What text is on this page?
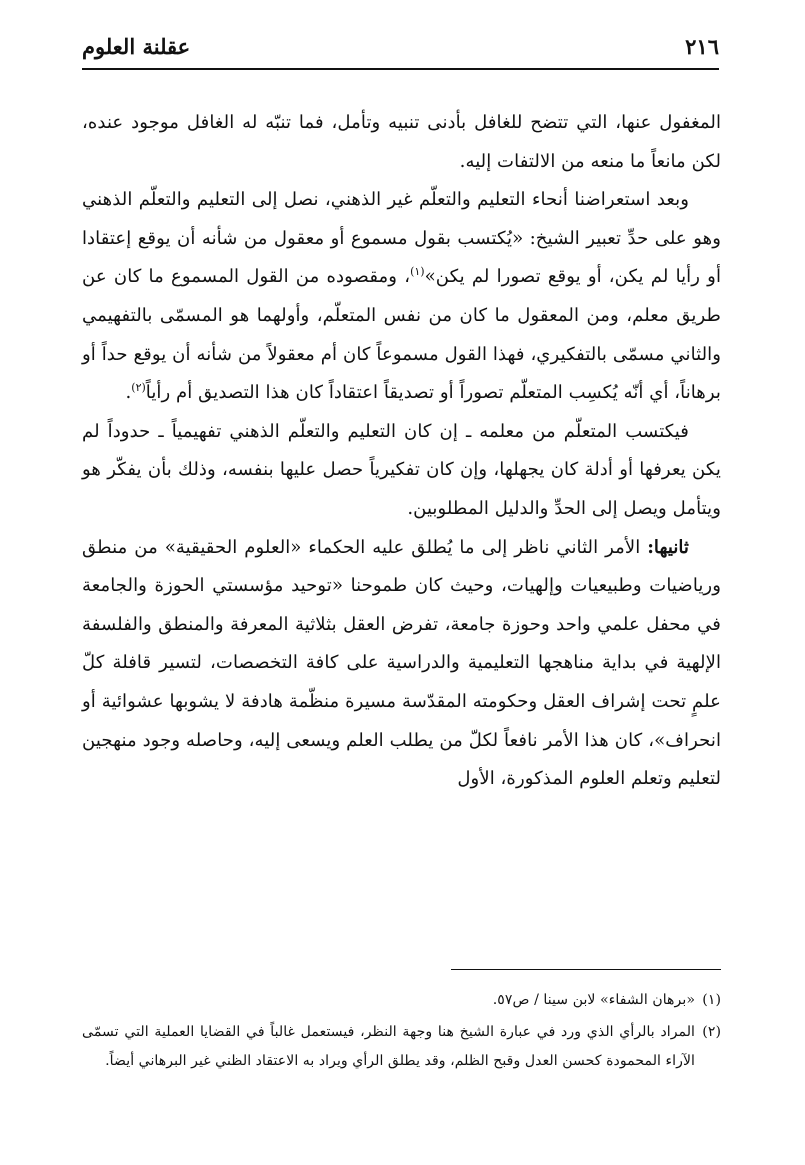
٢١٦
عقلنة العلوم

المغفول عنها، التي تتضح للغافل بأدنى تنبيه وتأمل، فما تنبّه له الغافل موجود عنده، لكن مانعاً ما منعه من الالتفات إليه.

وبعد استعراضنا أنحاء التعليم والتعلّم غير الذهني، نصل إلى التعليم والتعلّم الذهني وهو على حدِّ تعبير الشيخ: «يُكتسب بقول مسموع أو معقول من شأنه أن يوقع إعتقادا أو رأيا لم يكن، أو يوقع تصورا لم يكن»$^{(١)}$، ومقصوده من القول المسموع ما كان عن طريق معلم، ومن المعقول ما كان من نفس المتعلّم، وأولهما هو المسمّى بالتفهيمي والثاني مسمّى بالتفكيري، فهذا القول مسموعاً كان أم معقولاً من شأنه أن يوقع حداً أو برهاناً، أي أنّه يُكسِب المتعلّم تصوراً أو تصديقاً اعتقاداً كان هذا التصديق أم رأياً$^{(٢)}$.

فيكتسب المتعلّم من معلمه ـ إن كان التعليم والتعلّم الذهني تفهيمياً ـ حدوداً لم يكن يعرفها أو أدلة كان يجهلها، وإن كان تفكيرياً حصل عليها بنفسه، وذلك بأن يفكّر هو ويتأمل ويصل إلى الحدِّ والدليل المطلوبين.

ثانيها: الأمر الثاني ناظر إلى ما يُطلق عليه الحكماء «العلوم الحقيقية» من منطق ورياضيات وطبيعيات وإلهيات، وحيث كان طموحنا «توحيد مؤسستي الحوزة والجامعة في محفل علمي واحد وحوزة جامعة، تفرض العقل بثلاثية المعرفة والمنطق والفلسفة الإلهية في بداية مناهجها التعليمية والدراسية على كافة التخصصات، لتسير قافلة كلّ علمٍ تحت إشراف العقل وحكومته المقدّسة مسيرة منظّمة هادفة لا يشوبها عشوائية أو انحراف»، كان هذا الأمر نافعاً لكلّ من يطلب العلم ويسعى إليه، وحاصله وجود منهجين لتعليم وتعلم العلوم المذكورة، الأول

(١)«برهان الشفاء» لابن سينا / ص٥٧.

(٢)المراد بالرأي الذي ورد في عبارة الشيخ هنا وجهة النظر، فيستعمل غالباً في القضايا العملية التي تسمّى الآراء المحمودة كحسن العدل وقبح الظلم، وقد يطلق الرأي ويراد به الاعتقاد الظني غير البرهاني أيضاً.
